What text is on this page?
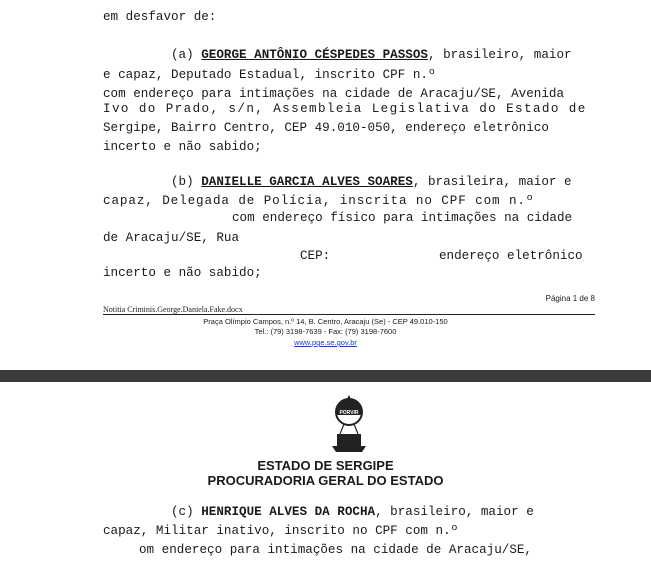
em desfavor de:
(a) GEORGE ANTÔNIO CÉSPEDES PASSOS, brasileiro, maior
e capaz, Deputado Estadual, inscrito CPF n.º
com endereço para intimações na cidade de Aracaju/SE, Avenida
Ivo do Prado, s/n, Assembleia Legislativa do Estado de
Sergipe, Bairro Centro, CEP 49.010-050, endereço eletrônico
incerto e não sabido;
(b) DANIELLE GARCIA ALVES SOARES, brasileira, maior e
capaz, Delegada de Polícia, inscrita no CPF com n.º
com endereço físico para intimações na cidade
de Aracaju/SE, Rua
CEP:	endereço eletrônico
incerto e não sabido;
Página 1 de 8
Notitia Criminis.George.Daniela.Fake.docx
Praça Olímpio Campos, n.º 14, B. Centro, Aracaju (Se) - CEP 49.010-150
Tel.: (79) 3198-7639 - Fax: (79) 3198-7600
www.pge.se.gov.br
PORVIR
ESTADO DE SERGIPE
PROCURADORIA GERAL DO ESTADO
(c) HENRIQUE ALVES DA ROCHA, brasileiro, maior e
capaz, Militar inativo, inscrito no CPF com n.º
om endereço para intimações na cidade de Aracaju/SE,
